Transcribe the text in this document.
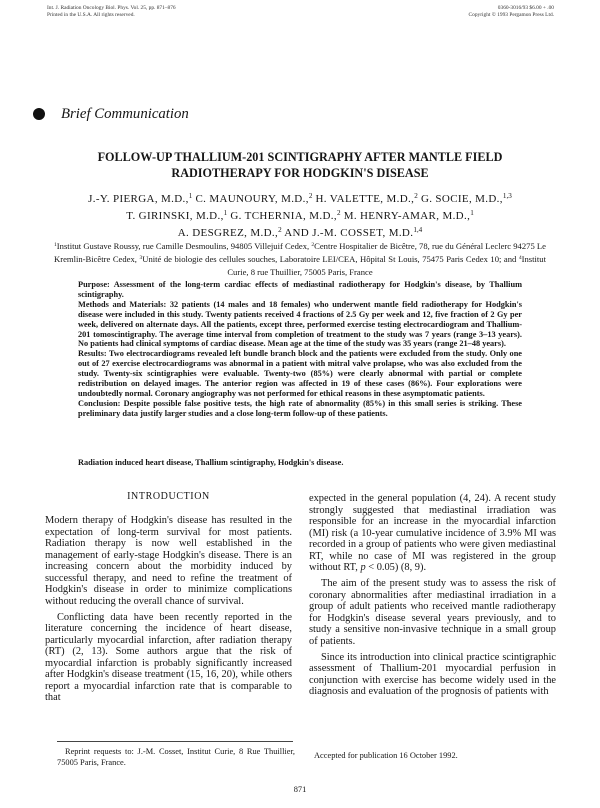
Int. J. Radiation Oncology Biol. Phys. Vol. 25, pp. 871–876
Printed in the U.S.A. All rights reserved.
0360-3016/93 $6.00 + .00
Copyright © 1993 Pergamon Press Ltd.
Brief Communication
FOLLOW-UP THALLIUM-201 SCINTIGRAPHY AFTER MANTLE FIELD RADIOTHERAPY FOR HODGKIN'S DISEASE
J.-Y. PIERGA, M.D.,$^1$ C. MAUNOURY, M.D.,$^2$ H. VALETTE, M.D.,$^2$ G. SOCIE, M.D.,$^{1,3}$
T. GIRINSKI, M.D.,$^1$ G. TCHERNIA, M.D.,$^2$ M. HENRY-AMAR, M.D.,$^1$
A. DESGREZ, M.D.,$^2$ AND J.-M. COSSET, M.D.$^{1,4}$
$^1$Institut Gustave Roussy, rue Camille Desmoulins, 94805 Villejuif Cedex, $^2$Centre Hospitalier de Bicêtre, 78, rue du Général Leclerc 94275 Le Kremlin-Bicêtre Cedex, $^3$Unité de biologie des cellules souches, Laboratoire LEI/CEA, Hôpital St Louis, 75475 Paris Cedex 10; and $^4$Institut Curie, 8 rue Thuillier, 75005 Paris, France

Purpose: Assessment of the long-term cardiac effects of mediastinal radiotherapy for Hodgkin's disease, by Thallium scintigraphy.

Methods and Materials: 32 patients (14 males and 18 females) who underwent mantle field radiotherapy for Hodgkin's disease were included in this study. Twenty patients received 4 fractions of 2.5 Gy per week and 12, five fraction of 2 Gy per week, delivered on alternate days. All the patients, except three, performed exercise testing electrocardiogram and Thallium-201 tomoscintigraphy. The average time interval from completion of treatment to the study was 7 years (range 3–13 years). No patients had clinical symptoms of cardiac disease. Mean age at the time of the study was 35 years (range 21–48 years).

Results: Two electrocardiograms revealed left bundle branch block and the patients were excluded from the study. Only one out of 27 exercise electrocardiograms was abnormal in a patient with mitral valve prolapse, who was also excluded from the study. Twenty-six scintigraphies were evaluable. Twenty-two (85%) were clearly abnormal with partial or complete redistribution on delayed images. The anterior region was affected in 19 of these cases (86%). Four explorations were undoubtedly normal. Coronary angiography was not performed for ethical reasons in these asymptomatic patients.

Conclusion: Despite possible false positive tests, the high rate of abnormality (85%) in this small series is striking. These preliminary data justify larger studies and a close long-term follow-up of these patients.

Radiation induced heart disease, Thallium scintigraphy, Hodgkin's disease.
INTRODUCTION

Modern therapy of Hodgkin's disease has resulted in the expectation of long-term survival for most patients. Radiation therapy is now well established in the management of early-stage Hodgkin's disease. There is an increasing concern about the morbidity induced by successful therapy, and need to refine the treatment of Hodgkin's disease in order to minimize complications without reducing the overall chance of survival.

Conflicting data have been recently reported in the literature concerning the incidence of heart disease, particularly myocardial infarction, after radiation therapy (RT) (2, 13). Some authors argue that the risk of myocardial infarction is probably significantly increased after Hodgkin's disease treatment (15, 16, 20), while others report a myocardial infarction rate that is comparable to that

expected in the general population (4, 24). A recent study strongly suggested that mediastinal irradiation was responsible for an increase in the myocardial infarction (MI) risk (a 10-year cumulative incidence of 3.9% MI was recorded in a group of patients who were given mediastinal RT, while no case of MI was registered in the group without RT, p < 0.05) (8, 9).

The aim of the present study was to assess the risk of coronary abnormalities after mediastinal irradiation in a group of adult patients who received mantle radiotherapy for Hodgkin's disease several years previously, and to study a sensitive non-invasive technique in a small group of patients.

Since its introduction into clinical practice scintigraphic assessment of Thallium-201 myocardial perfusion in conjunction with exercise has become widely used in the diagnosis and evaluation of the prognosis of patients with

Reprint requests to: J.-M. Cosset, Institut Curie, 8 Rue Thuillier, 75005 Paris, France.
Accepted for publication 16 October 1992.
871
